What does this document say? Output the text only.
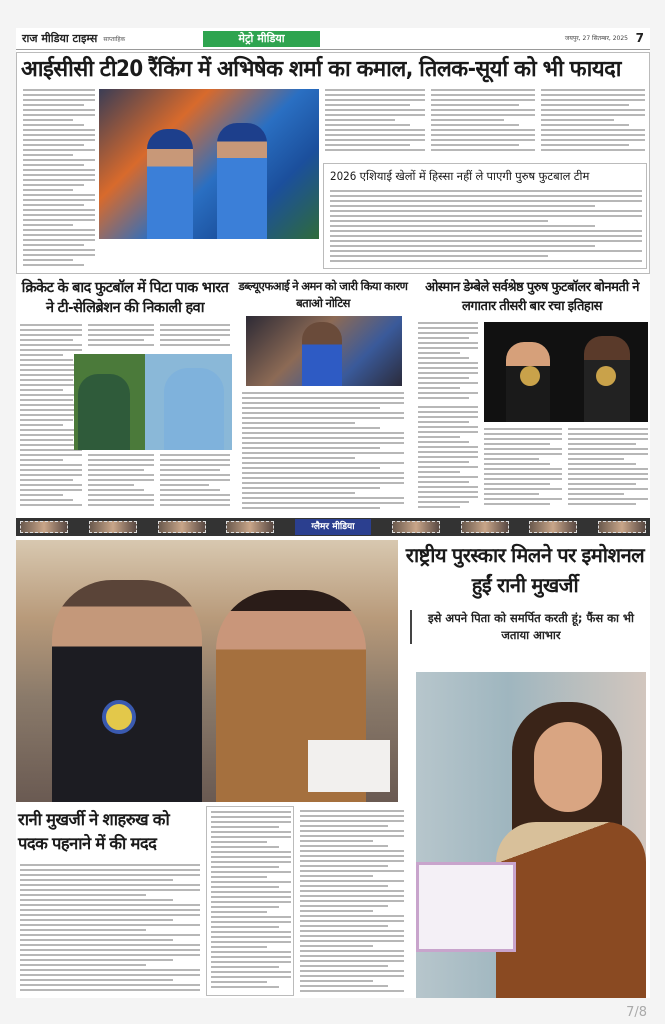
राज मीडिया टाइम्स साप्ताहिक	मेट्रो मीडिया	जयपुर, 27 सितम्बर, 2025 7
आईसीसी टी20 रैंकिंग में अभिषेक शर्मा का कमाल, तिलक-सूर्या को भी फायदा
2026 एशियाई खेलों में हिस्सा नहीं ले पाएगी पुरुष फुटबाल टीम
क्रिकेट के बाद फुटबॉल में पिटा पाक भारत ने टी-सेलिब्रेशन की निकाली हवा
डब्ल्यूएफआई ने अमन को जारी किया कारण बताओ नोटिस
ओस्मान डेम्बेले सर्वश्रेष्ठ पुरुष फुटबॉलर बोनमती ने लगातार तीसरी बार रचा इतिहास
ग्लैमर मीडिया
राष्ट्रीय पुरस्कार मिलने पर इमोशनल हुईं रानी मुखर्जी
इसे अपने पिता को समर्पित करती हूं; फैंस का भी जताया आभार
रानी मुखर्जी ने शाहरुख को पदक पहनाने में की मदद
7/8
